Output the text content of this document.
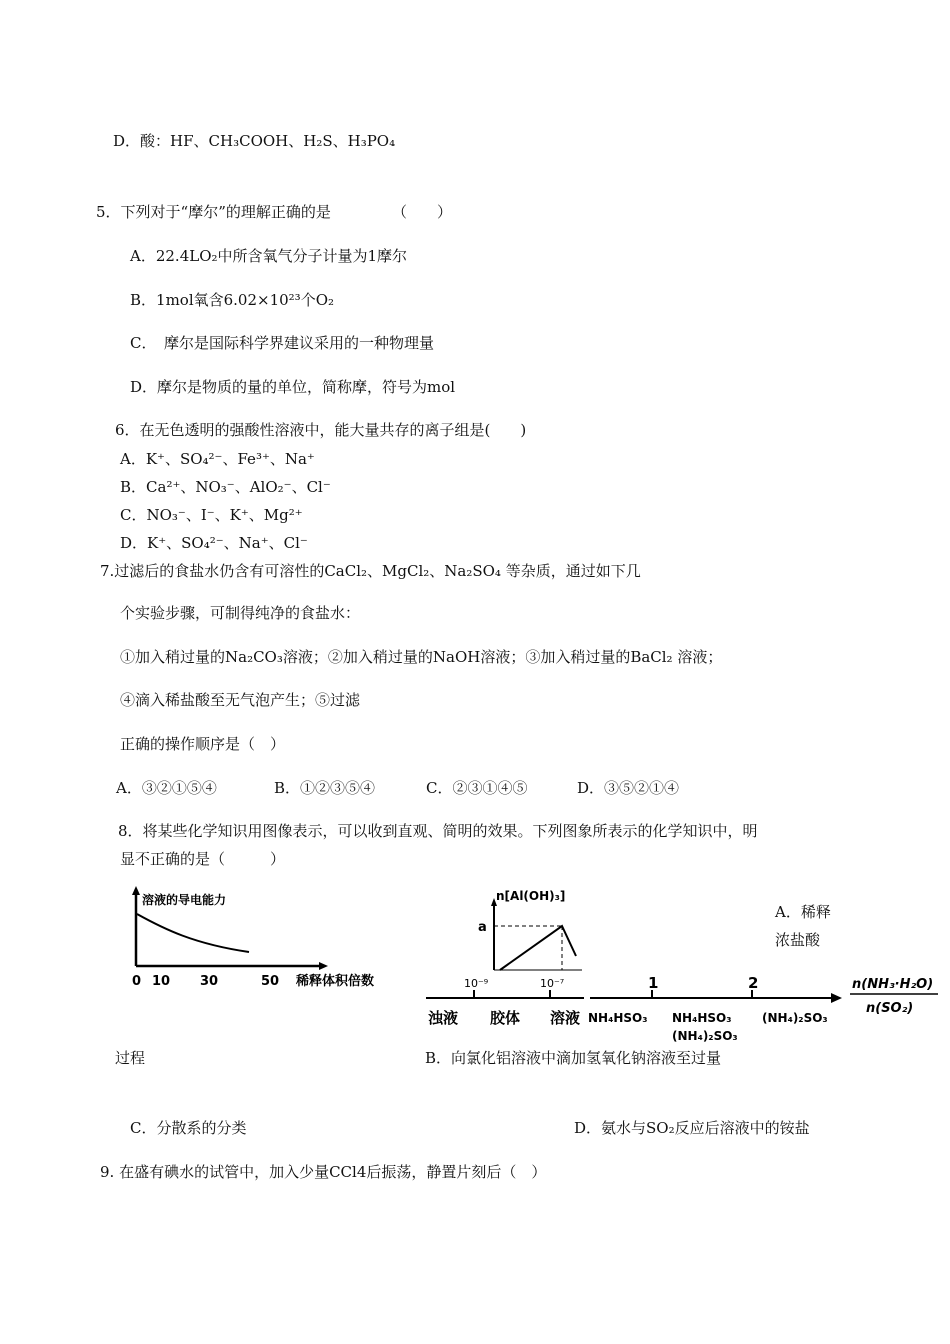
D．酸：HF、CH₃COOH、H₂S、H₃PO₄
5．下列对于“摩尔”的理解正确的是	（　　）
A．22.4LO₂中所含氧气分子计量为1摩尔
B．1mol氧含6.02×10²³个O₂
C．　摩尔是国际科学界建议采用的一种物理量
D．摩尔是物质的量的单位，简称摩，符号为mol
6．在无色透明的强酸性溶液中，能大量共存的离子组是(　　)
A．K⁺、SO₄²⁻、Fe³⁺、Na⁺
B．Ca²⁺、NO₃⁻、AlO₂⁻、Cl⁻
C．NO₃⁻、I⁻、K⁺、Mg²⁺
D．K⁺、SO₄²⁻、Na⁺、Cl⁻
7.过滤后的食盐水仍含有可溶性的CaCl₂、MgCl₂、Na₂SO₄ 等杂质，通过如下几
个实验步骤，可制得纯净的食盐水：
①加入稍过量的Na₂CO₃溶液；②加入稍过量的NaOH溶液；③加入稍过量的BaCl₂ 溶液；
④滴入稀盐酸至无气泡产生；⑤过滤
正确的操作顺序是（　）
A．③②①⑤④	B．①②③⑤④	C．②③①④⑤	D．③⑤②①④
8．将某些化学知识用图像表示，可以收到直观、简明的效果。下列图象所表示的化学知识中，明
显不正确的是（　　　）
溶液的导电能力
0 10 30	50 稀释体积倍数
n[Al(OH)₃]
a
10⁻⁹	10⁻⁷
浊液 胶体 溶液
1	2	n(NH₃·H₂O)
n(SO₂)
NH₄HSO₃ NH₄HSO₃
(NH₄)₂SO₃
(NH₄)₂SO₃
A．稀释
浓盐酸
过程	B．向氯化铝溶液中滴加氢氧化钠溶液至过量
C．分散系的分类	D．氨水与SO₂反应后溶液中的铵盐
9. 在盛有碘水的试管中，加入少量CCl4后振荡，静置片刻后（　）
